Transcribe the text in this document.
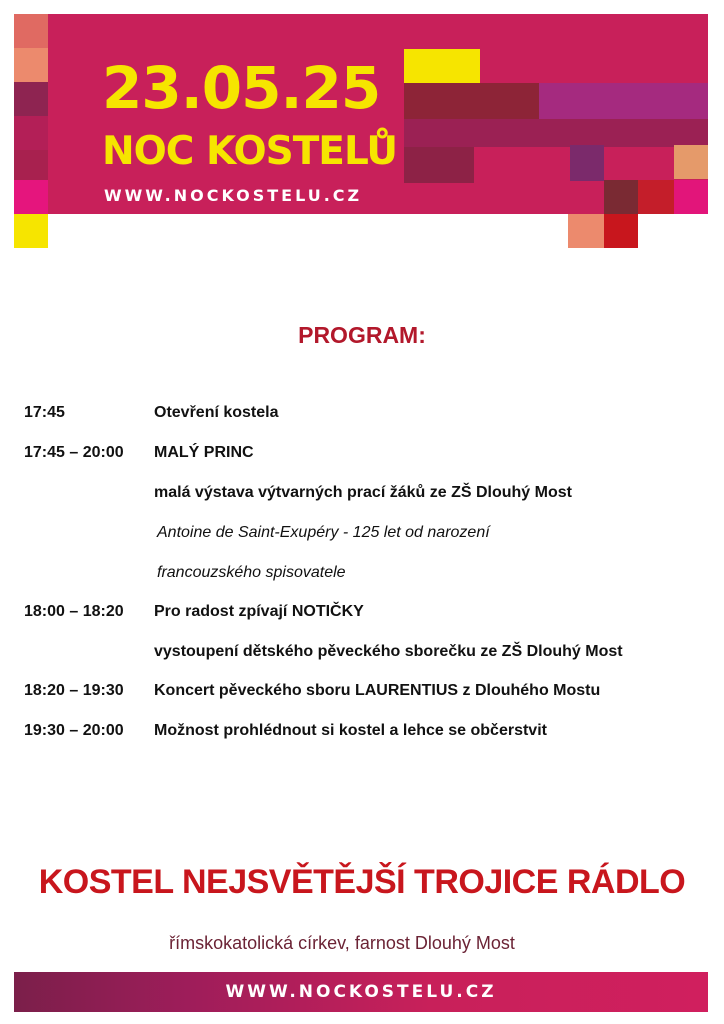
23.05.25

NOC KOSTELŮ

WWW.NOCKOSTELU.CZ

PROGRAM:

17:45	Otevření kostela

17:45 – 20:00 MALÝ PRINC

malá výstava výtvarných prací žáků ze ZŠ Dlouhý Most

Antoine de Saint-Exupéry - 125 let od narození

francouzského spisovatele

18:00 – 18:20 Pro radost zpívají NOTIČKY

vystoupení dětského pěveckého sborečku ze ZŠ Dlouhý Most

18:20 – 19:30 Koncert pěveckého sboru LAURENTIUS z Dlouhého Mostu

19:30 – 20:00 Možnost prohlédnout si kostel a lehce se občerstvit

KOSTEL NEJSVĚTĚJŠÍ TROJICE RÁDLO

římskokatolická církev, farnost Dlouhý Most

WWW.NOCKOSTELU.CZ
